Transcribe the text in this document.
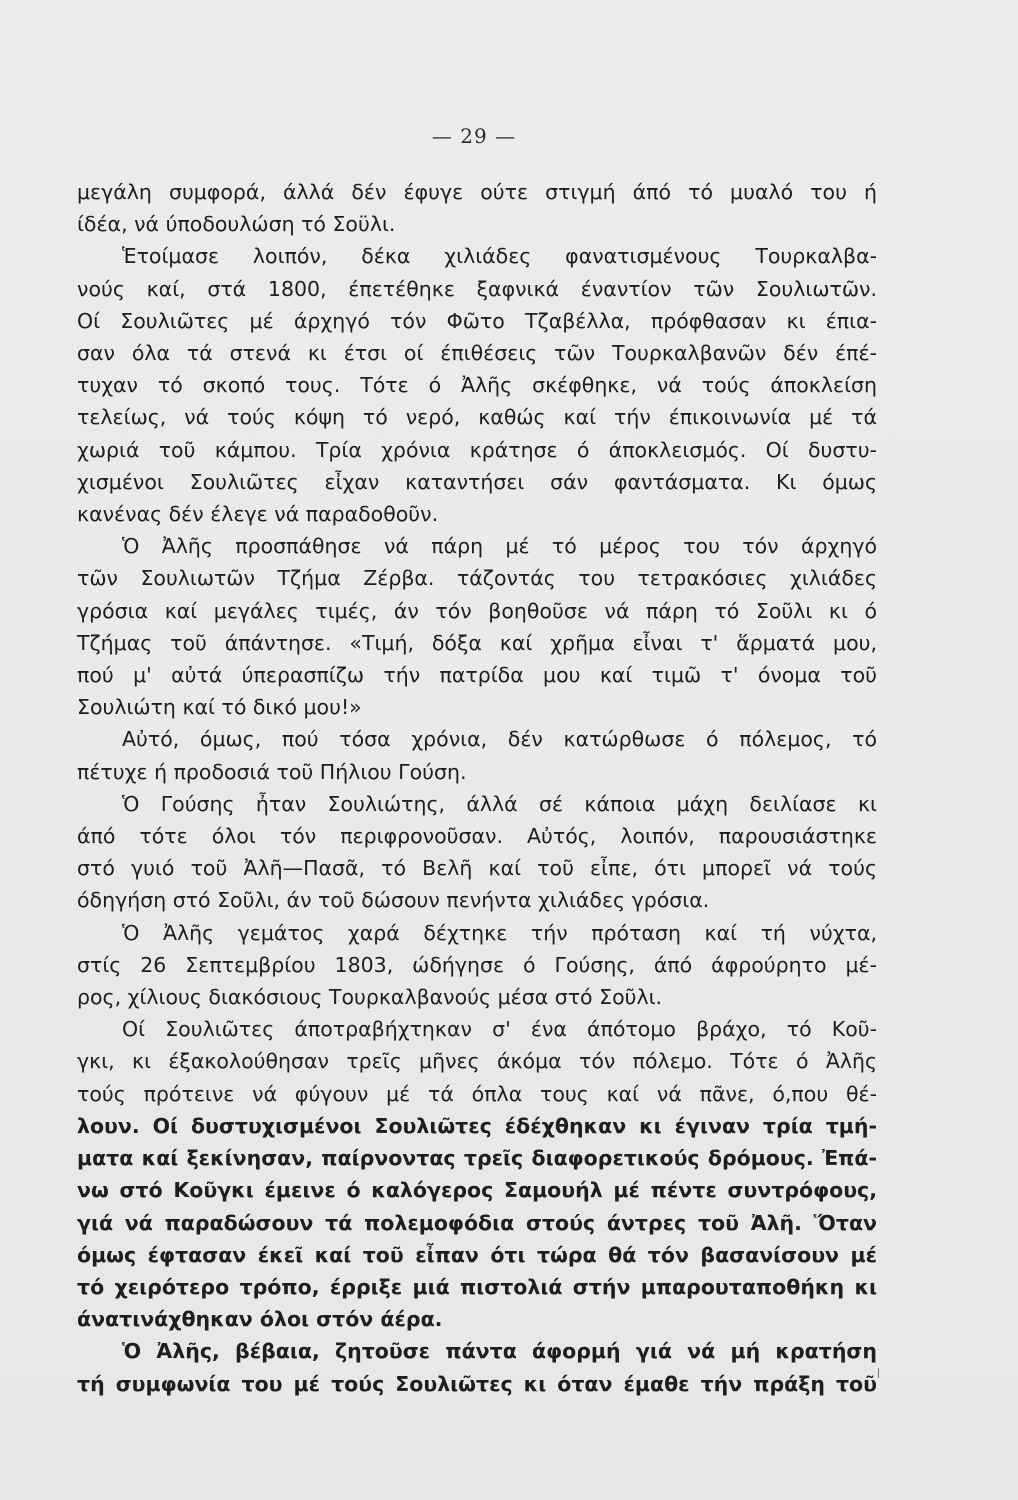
— 29 —
μεγάλη συμφορά, άλλά δέν έφυγε ούτε στιγμή άπό τό μυαλό του ή
ίδέα, νά ύποδουλώση τό Σοϋλι.
Ἑτοίμασε λοιπόν, δέκα χιλιάδες φανατισμένους Τουρκαλβα-
νούς καί, στά 1800, έπετέθηκε ξαφνικά έναντίον τῶν Σουλιωτῶν.
Οί Σουλιῶτες μέ άρχηγό τόν Φῶτο Τζαβέλλα, πρόφθασαν κι έπια-
σαν όλα τά στενά κι έτσι οί έπιθέσεις τῶν Τουρκαλβανῶν δέν έπέ-
τυχαν τό σκοπό τους. Τότε ό Ἀλῆς σκέφθηκε, νά τούς άποκλείση
τελείως, νά τούς κόψη τό νερό, καθώς καί τήν έπικοινωνία μέ τά
χωριά τοῦ κάμπου. Τρία χρόνια κράτησε ό άποκλεισμός. Οί δυστυ-
χισμένοι Σουλιῶτες εἶχαν καταντήσει σάν φαντάσματα. Κι όμως
κανένας δέν έλεγε νά παραδοθοῦν.
Ὁ Ἀλῆς προσπάθησε νά πάρη μέ τό μέρος του τόν άρχηγό
τῶν Σουλιωτῶν Τζήμα Ζέρβα. τάζοντάς του τετρακόσιες χιλιάδες
γρόσια καί μεγάλες τιμές, άν τόν βοηθοῦσε νά πάρη τό Σοῦλι κι ό
Τζήμας τοῦ άπάντησε. «Τιμή, δόξα καί χρῆμα εἶναι τ' ἅρματά μου,
πού μ' αὐτά ύπερασπίζω τήν πατρίδα μου καί τιμῶ τ' όνομα τοῦ
Σουλιώτη καί τό δικό μου!»
Αὐτό, όμως, πού τόσα χρόνια, δέν κατώρθωσε ό πόλεμος, τό
πέτυχε ή προδοσιά τοῦ Πήλιου Γούση.
Ὁ Γούσης ἦταν Σουλιώτης, άλλά σέ κάποια μάχη δειλίασε κι
άπό τότε όλοι τόν περιφρονοῦσαν. Αὐτός, λοιπόν, παρουσιάστηκε
στό γυιό τοῦ Ἀλῆ—Πασᾶ, τό Βελῆ καί τοῦ εἶπε, ότι μπορεῖ νά τούς
όδηγήση στό Σοῦλι, άν τοῦ δώσουν πενήντα χιλιάδες γρόσια.
Ὁ Ἀλῆς γεμάτος χαρά δέχτηκε τήν πρόταση καί τή νύχτα,
στίς 26 Σεπτεμβρίου 1803, ώδήγησε ό Γούσης, άπό άφρούρητο μέ-
ρος, χίλιους διακόσιους Τουρκαλβανούς μέσα στό Σοῦλι.
Οί Σουλιῶτες άποτραβήχτηκαν σ' ένα άπότομο βράχο, τό Κοῦ-
γκι, κι έξακολούθησαν τρεῖς μῆνες άκόμα τόν πόλεμο. Τότε ό Ἀλῆς
τούς πρότεινε νά φύγουν μέ τά όπλα τους καί νά πᾶνε, ό,που θέ-
λουν. Οί δυστυχισμένοι Σουλιῶτες έδέχθηκαν κι έγιναν τρία τμή-
ματα καί ξεκίνησαν, παίρνοντας τρεῖς διαφορετικούς δρόμους. Ἐπά-
νω στό Κοῦγκι έμεινε ό καλόγερος Σαμουήλ μέ πέντε συντρόφους,
γιά νά παραδώσουν τά πολεμοφόδια στούς άντρες τοῦ Ἀλῆ. Ὅταν
όμως έφτασαν έκεῖ καί τοῦ εἶπαν ότι τώρα θά τόν βασανίσουν μέ
τό χειρότερο τρόπο, έρριξε μιά πιστολιά στήν μπαρουταποθήκη κι
άνατινάχθηκαν όλοι στόν άέρα.
Ὁ Ἀλῆς, βέβαια, ζητοῦσε πάντα άφορμή γιά νά μή κρατήση
τή συμφωνία του μέ τούς Σουλιῶτες κι όταν έμαθε τήν πράξη τοῦ
